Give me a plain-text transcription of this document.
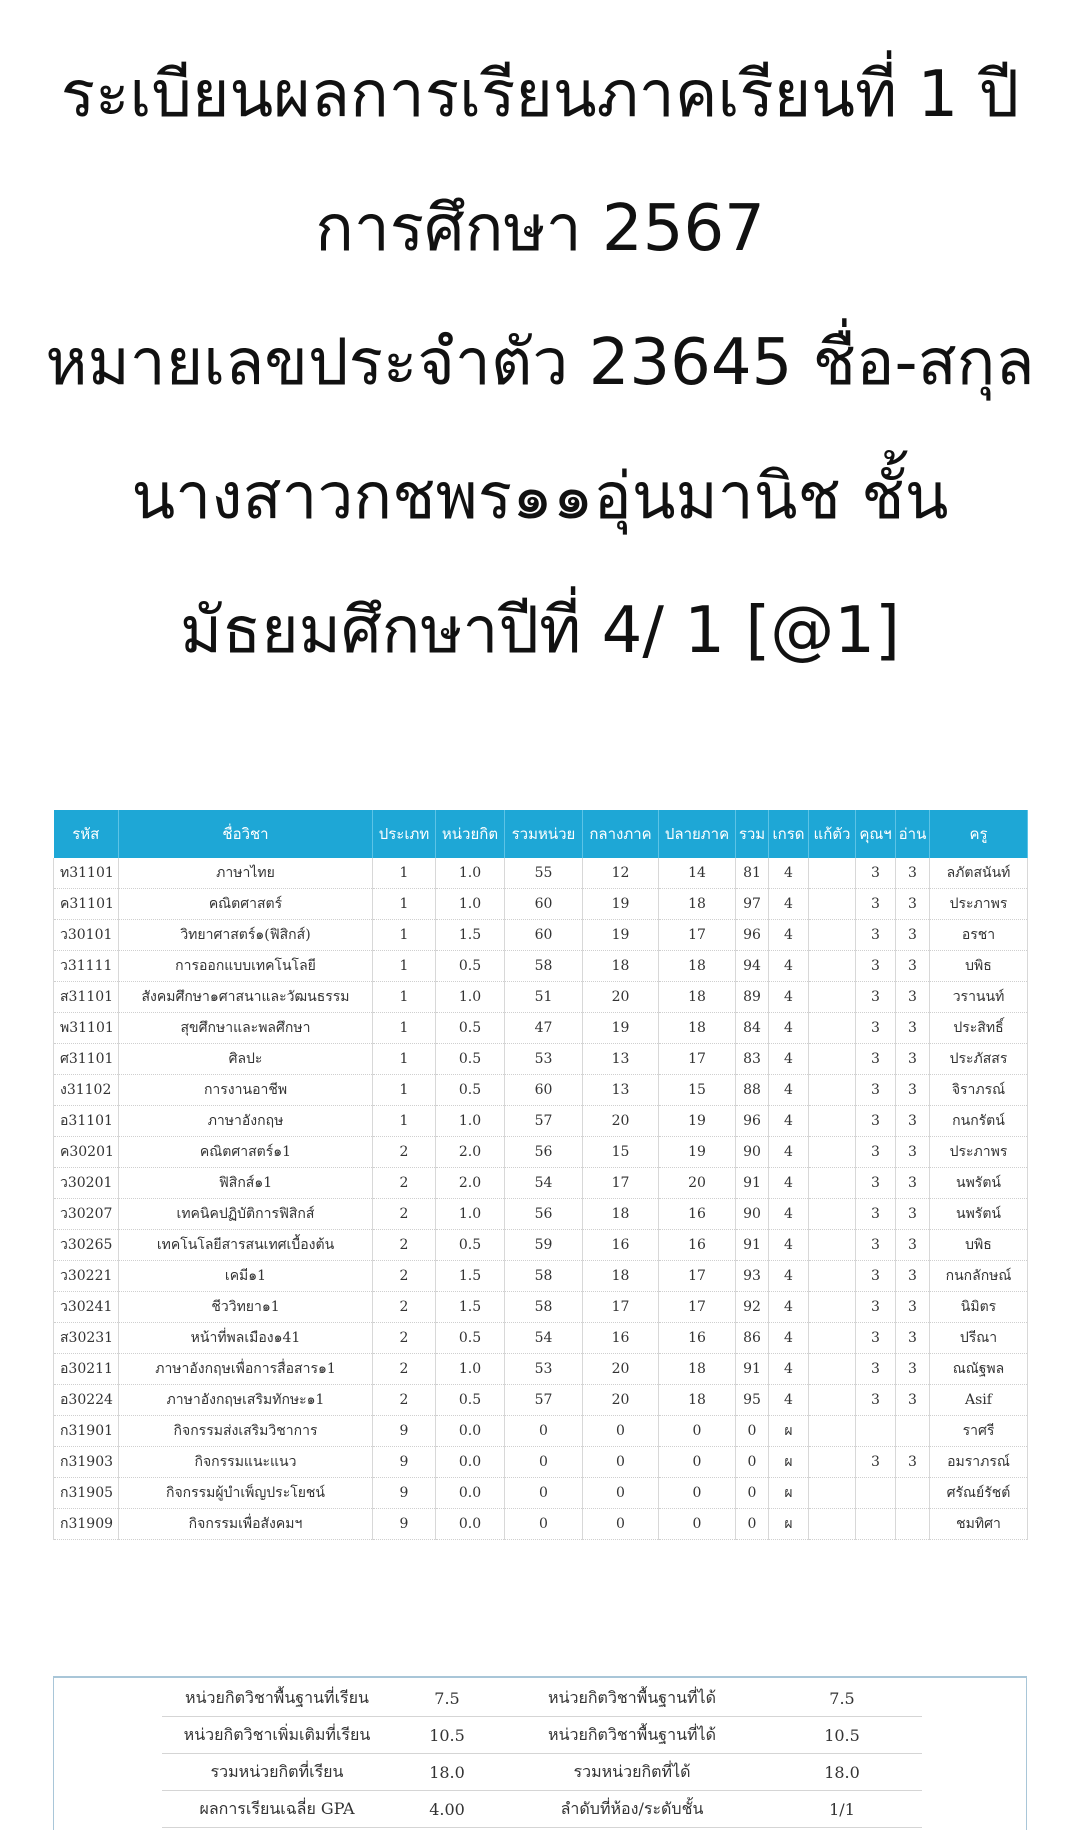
ระเบียนผลการเรียนภาคเรียนที่ 1 ปี
การศึกษา 2567
หมายเลขประจำตัว 23645 ชื่อ-สกุล
นางสาวกชพร๑๑อุ่นมานิช ชั้น
มัธยมศึกษาปีที่ 4/ 1 [@1]
รหัส	ชื่อวิชา	ประเภท	หน่วยกิต	รวมหน่วย	กลางภาค	ปลายภาค	รวม	เกรด	แก้ตัว	คุณฯ	อ่าน	ครู
ท31101	ภาษาไทย	1	1.0	55	12	14	81	4		3	3	ลภัตสนันท์
ค31101	คณิตศาสตร์	1	1.0	60	19	18	97	4		3	3	ประภาพร
ว30101	วิทยาศาสตร์๑(ฟิสิกส์)	1	1.5	60	19	17	96	4		3	3	อรชา
ว31111	การออกแบบเทคโนโลยี	1	0.5	58	18	18	94	4		3	3	บพิธ
ส31101	สังคมศึกษา๑ศาสนาและวัฒนธรรม	1	1.0	51	20	18	89	4		3	3	วรานนท์
พ31101	สุขศึกษาและพลศึกษา	1	0.5	47	19	18	84	4		3	3	ประสิทธิ์
ศ31101	ศิลปะ	1	0.5	53	13	17	83	4		3	3	ประภัสสร
ง31102	การงานอาชีพ	1	0.5	60	13	15	88	4		3	3	จิราภรณ์
อ31101	ภาษาอังกฤษ	1	1.0	57	20	19	96	4		3	3	กนกรัตน์
ค30201	คณิตศาสตร์๑1	2	2.0	56	15	19	90	4		3	3	ประภาพร
ว30201	ฟิสิกส์๑1	2	2.0	54	17	20	91	4		3	3	นพรัตน์
ว30207	เทคนิคปฏิบัติการฟิสิกส์	2	1.0	56	18	16	90	4		3	3	นพรัตน์
ว30265	เทคโนโลยีสารสนเทศเบื้องต้น	2	0.5	59	16	16	91	4		3	3	บพิธ
ว30221	เคมี๑1	2	1.5	58	18	17	93	4		3	3	กนกลักษณ์
ว30241	ชีววิทยา๑1	2	1.5	58	17	17	92	4		3	3	นิมิตร
ส30231	หน้าที่พลเมือง๑41	2	0.5	54	16	16	86	4		3	3	ปรีณา
อ30211	ภาษาอังกฤษเพื่อการสื่อสาร๑1	2	1.0	53	20	18	91	4		3	3	ณณัฐพล
อ30224	ภาษาอังกฤษเสริมทักษะ๑1	2	0.5	57	20	18	95	4		3	3	Asif
ก31901	กิจกรรมส่งเสริมวิชาการ	9	0.0	0	0	0	0	ผ				ราศรี
ก31903	กิจกรรมแนะแนว	9	0.0	0	0	0	0	ผ		3	3	อมราภรณ์
ก31905	กิจกรรมผู้บำเพ็ญประโยชน์	9	0.0	0	0	0	0	ผ				ศรัณย์รัชต์
ก31909	กิจกรรมเพื่อสังคมฯ	9	0.0	0	0	0	0	ผ				ชมทิศา
หน่วยกิตวิชาพื้นฐานที่เรียน	7.5	หน่วยกิตวิชาพื้นฐานที่ได้	7.5
หน่วยกิตวิชาเพิ่มเติมที่เรียน	10.5	หน่วยกิตวิชาพื้นฐานที่ได้	10.5
รวมหน่วยกิตที่เรียน	18.0	รวมหน่วยกิตที่ได้	18.0
ผลการเรียนเฉลี่ย GPA	4.00	ลำดับที่ห้อง/ระดับชั้น	1/1
